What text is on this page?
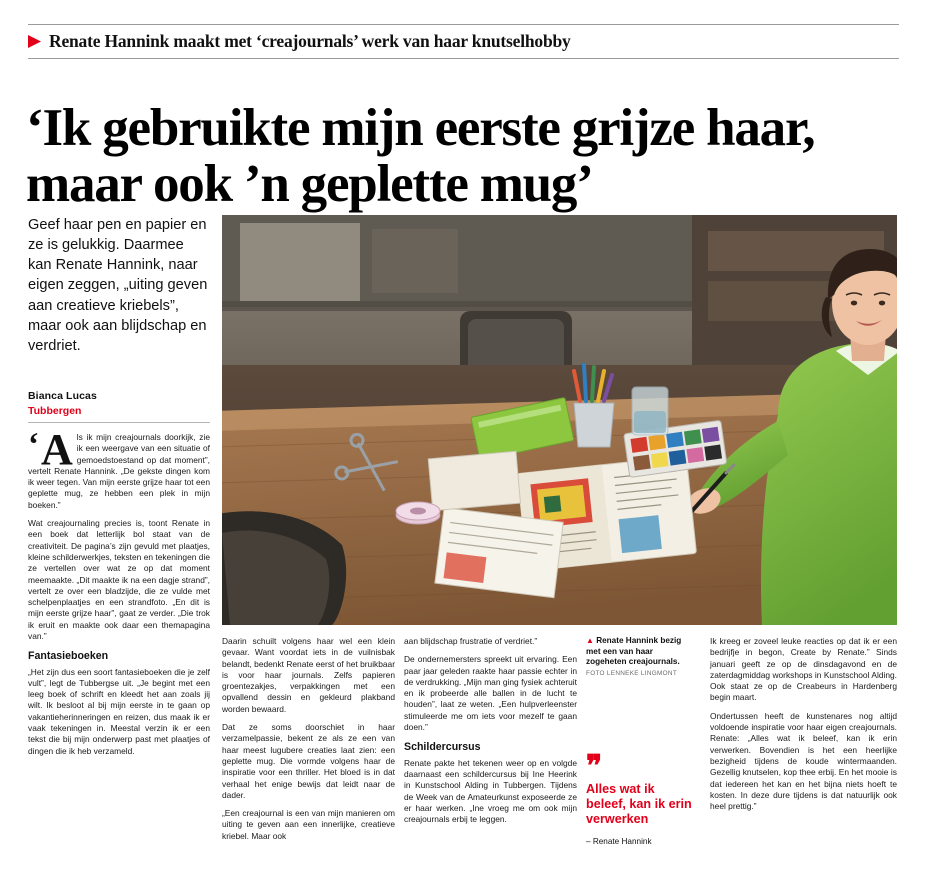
Renate Hannink maakt met ‘creajournals’ werk van haar knutselhobby
‘Ik gebruikte mijn eerste grijze haar, maar ook ’n geplette mug’
Geef haar pen en papier en ze is gelukkig. Daarmee kan Renate Hannink, naar eigen zeggen, „uiting geven aan creatieve kriebels”, maar ook aan blijdschap en verdriet.
Bianca Lucas
Tubbergen
‘ A ls ik mijn creajournals doorkijk, zie ik een weergave van een situatie of gemoedstoestand op dat moment”, vertelt Renate Hannink. „De gekste dingen kom ik weer tegen. Van mijn eerste grijze haar tot een geplette mug, ze hebben een plek in mijn boeken.”

Wat creajournaling precies is, toont Renate in een boek dat letterlijk bol staat van de creativiteit. De pagina’s zijn gevuld met plaatjes, kleine schilderwerkjes, teksten en tekeningen die ze vertellen over wat ze op dat moment meemaakte. „Dit maakte ik na een dagje strand”, vertelt ze over een bladzijde, die ze vulde met schelpenplaatjes en een strandfoto. „En dit is mijn eerste grijze haar”, gaat ze verder. „Die trok ik eruit en maakte ook daar een themapagina van.”

Fantasieboeken

„Het zijn dus een soort fantasieboeken die je zelf vult”, legt de Tubbergse uit. „Je begint met een leeg boek of schrift en kleedt het aan zoals jij wilt. Ik besloot al bij mijn eerste in te gaan op vakantieherinneringen en reizen, dus maak ik er vaak tekeningen in. Meestal verzin ik er een tekst die bij mijn onderwerp past met plaatjes of dingen die ik heb verzameld.

Daarin schuilt volgens haar wel een klein gevaar. Want voordat iets in de vuilnisbak belandt, bedenkt Renate eerst of het bruikbaar is voor haar journals. Zelfs papieren groentezakjes, verpakkingen met een opvallend dessin en gekleurd plakband worden bewaard.

Dat ze soms doorschiet in haar verzamelpassie, bekent ze als ze een van haar meest lugubere creaties laat zien: een geplette mug. Die vormde volgens haar de inspiratie voor een thriller. Het bloed is in dat verhaal het enige bewijs dat leidt naar de dader.

„Een creajournal is een van mijn manieren om uiting te geven aan een innerlijke, creatieve kriebel. Maar ook

aan blijdschap frustratie of verdriet.”

De ondernemersters spreekt uit ervaring. Een paar jaar geleden raakte haar passie echter in de verdrukking. „Mijn man ging fysiek achteruit en ik probeerde alle ballen in de lucht te houden”, laat ze weten. „Een hulpverleenster stimuleerde me om iets voor mezelf te gaan doen.”

Schildercursus

Renate pakte het tekenen weer op en volgde daarnaast een schildercursus bij Ine Heerink in Kunstschool Alding in Tubbergen. Tijdens de Week van de Amateurkunst exposeerde ze er haar werken. „Ine vroeg me om ook mijn creajournals erbij te leggen.

Ik kreeg er zoveel leuke reacties op dat ik er een bedrijfje in begon, Create by Renate.” Sinds januari geeft ze op de dinsdagavond en de zaterdagmiddag workshops in Kunstschool Alding. Ook staat ze op de Creabeurs in Hardenberg begin maart.

Ondertussen heeft de kunstenares nog altijd voldoende inspiratie voor haar eigen creajournals. Renate: „Alles wat ik beleef, kan ik erin verwerken. Bovendien is het een heerlijke bezigheid tijdens de koude wintermaanden. Gezellig knutselen, kop thee erbij. En het mooie is dat iedereen het kan en het bijna niets hoeft te kosten. In deze dure tijdens is dat natuurlijk ook heel prettig.”

▲ Renate Hannink bezig met een van haar zogeheten creajournals. FOTO LENNEKE LINGMONT
❞
Alles wat ik beleef, kan ik erin verwerken
– Renate Hannink
